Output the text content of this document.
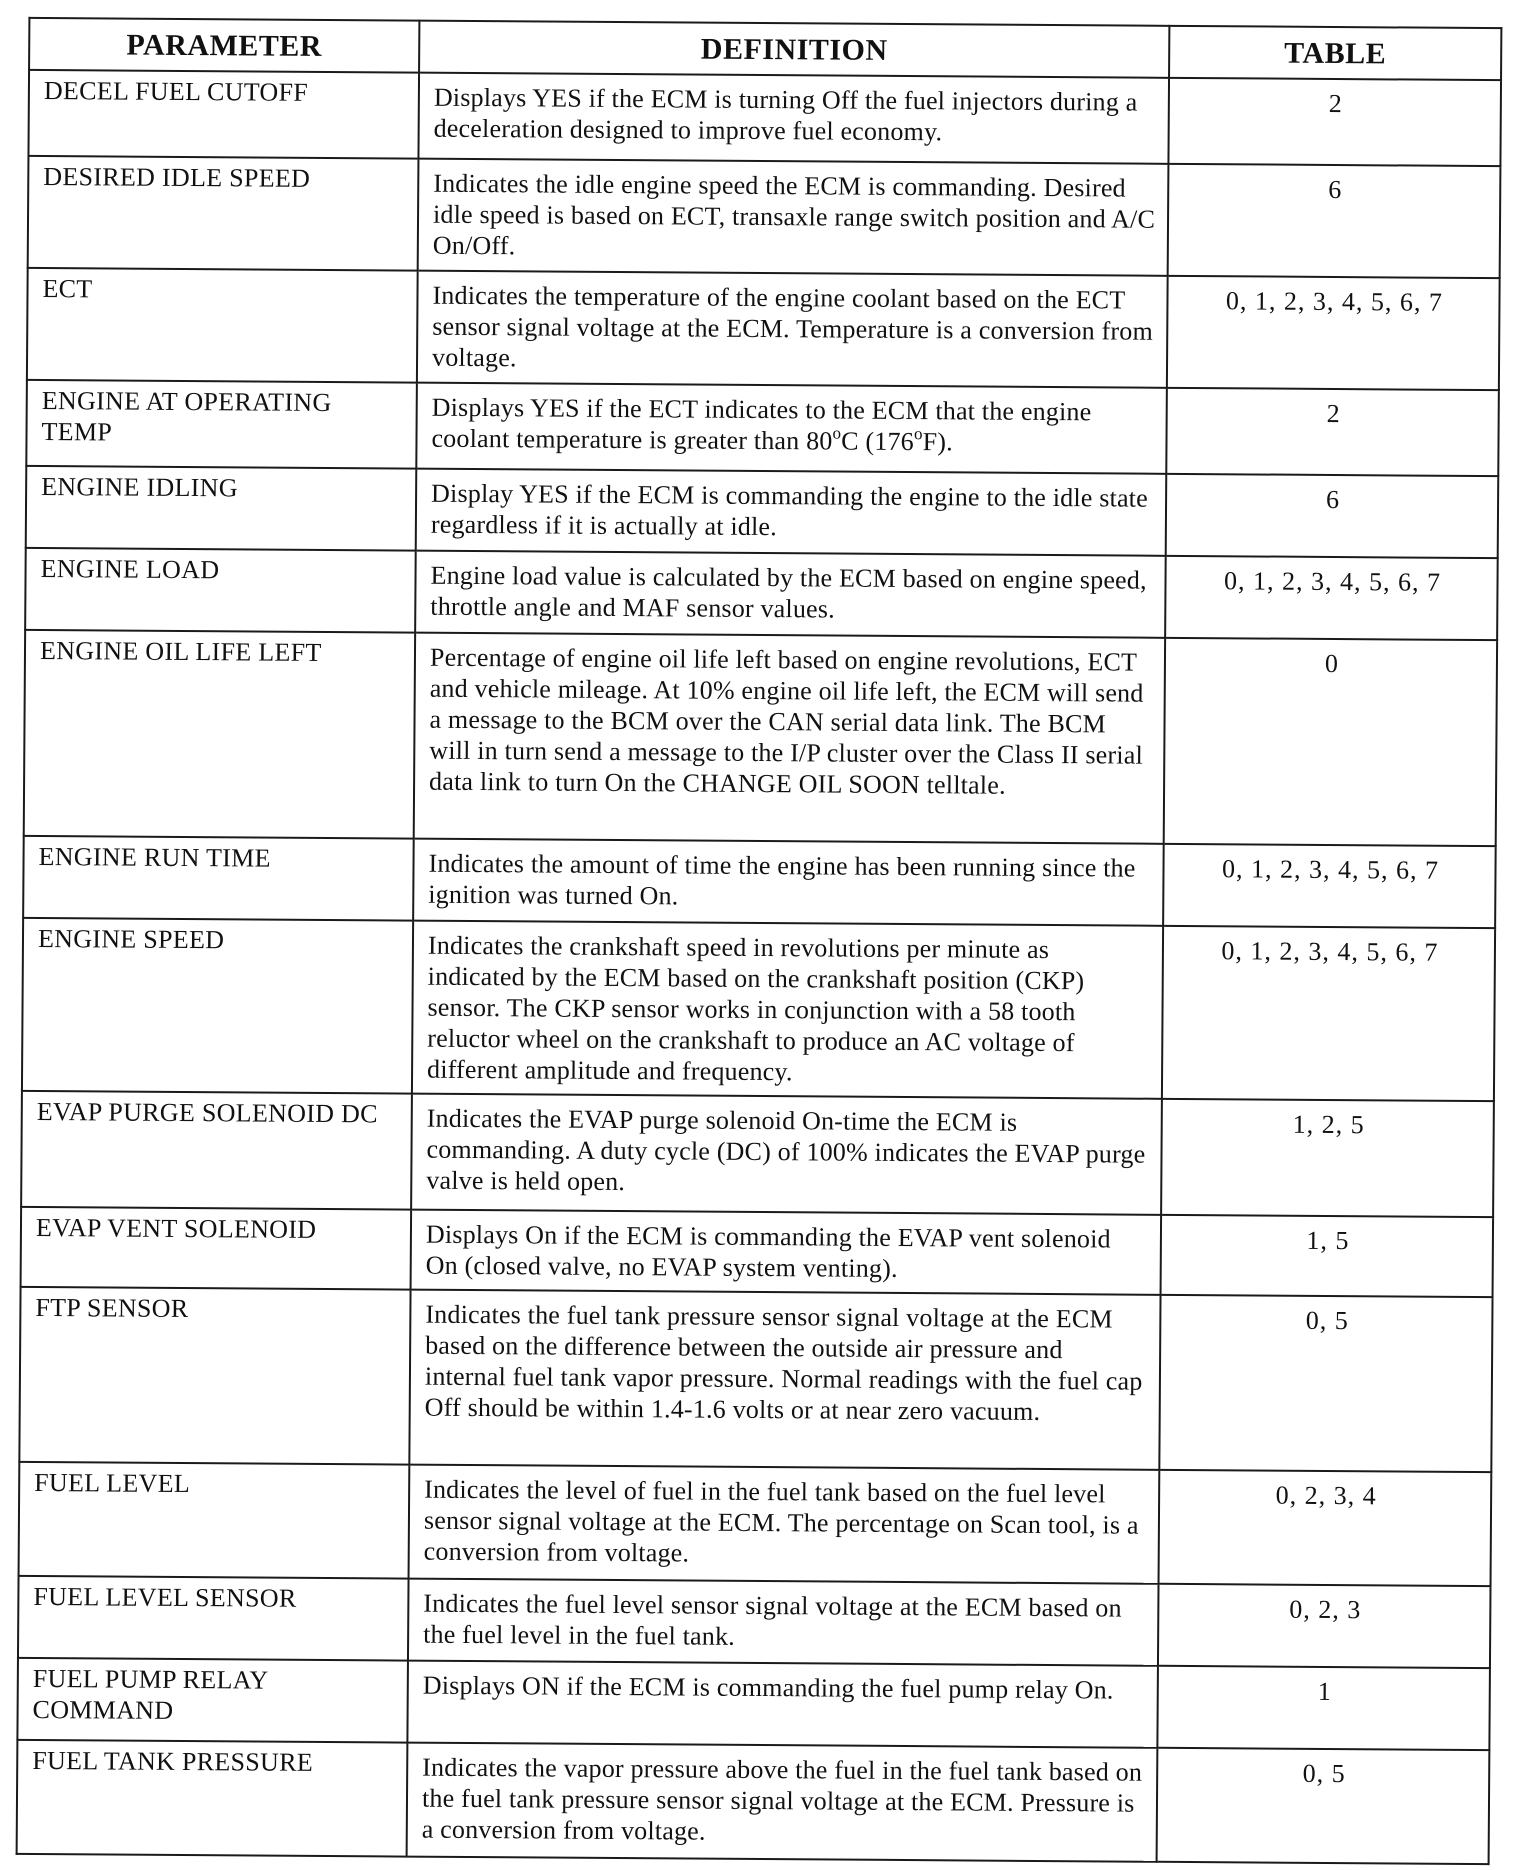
PARAMETER	DEFINITION	TABLE
DECEL FUEL CUTOFF	Displays YES if the ECM is turning Off the fuel injectors during a deceleration designed to improve fuel economy.	2
DESIRED IDLE SPEED	Indicates the idle engine speed the ECM is commanding. Desired idle speed is based on ECT, transaxle range switch position and A/C On/Off.	6
ECT	Indicates the temperature of the engine coolant based on the ECT sensor signal voltage at the ECM. Temperature is a conversion from voltage.	0, 1, 2, 3, 4, 5, 6, 7
ENGINE AT OPERATING TEMP	Displays YES if the ECT indicates to the ECM that the engine coolant temperature is greater than 80$^o$C (176$^o$F).	2
ENGINE IDLING	Display YES if the ECM is commanding the engine to the idle state regardless if it is actually at idle.	6
ENGINE LOAD	Engine load value is calculated by the ECM based on engine speed, throttle angle and MAF sensor values.	0, 1, 2, 3, 4, 5, 6, 7
ENGINE OIL LIFE LEFT	Percentage of engine oil life left based on engine revolutions, ECT and vehicle mileage. At 10% engine oil life left, the ECM will send a message to the BCM over the CAN serial data link. The BCM will in turn send a message to the I/P cluster over the Class II serial data link to turn On the CHANGE OIL SOON telltale.	0
ENGINE RUN TIME	Indicates the amount of time the engine has been running since the ignition was turned On.	0, 1, 2, 3, 4, 5, 6, 7
ENGINE SPEED	Indicates the crankshaft speed in revolutions per minute as indicated by the ECM based on the crankshaft position (CKP) sensor. The CKP sensor works in conjunction with a 58 tooth reluctor wheel on the crankshaft to produce an AC voltage of different amplitude and frequency.	0, 1, 2, 3, 4, 5, 6, 7
EVAP PURGE SOLENOID DC	Indicates the EVAP purge solenoid On-time the ECM is commanding. A duty cycle (DC) of 100% indicates the EVAP purge valve is held open.	1, 2, 5
EVAP VENT SOLENOID	Displays On if the ECM is commanding the EVAP vent solenoid On (closed valve, no EVAP system venting).	1, 5
FTP SENSOR	Indicates the fuel tank pressure sensor signal voltage at the ECM based on the difference between the outside air pressure and internal fuel tank vapor pressure. Normal readings with the fuel cap Off should be within 1.4-1.6 volts or at near zero vacuum.	0, 5
FUEL LEVEL	Indicates the level of fuel in the fuel tank based on the fuel level sensor signal voltage at the ECM. The percentage on Scan tool, is a conversion from voltage.	0, 2, 3, 4
FUEL LEVEL SENSOR	Indicates the fuel level sensor signal voltage at the ECM based on the fuel level in the fuel tank.	0, 2, 3
FUEL PUMP RELAY COMMAND	Displays ON if the ECM is commanding the fuel pump relay On.	1
FUEL TANK PRESSURE	Indicates the vapor pressure above the fuel in the fuel tank based on the fuel tank pressure sensor signal voltage at the ECM. Pressure is a conversion from voltage.	0, 5
